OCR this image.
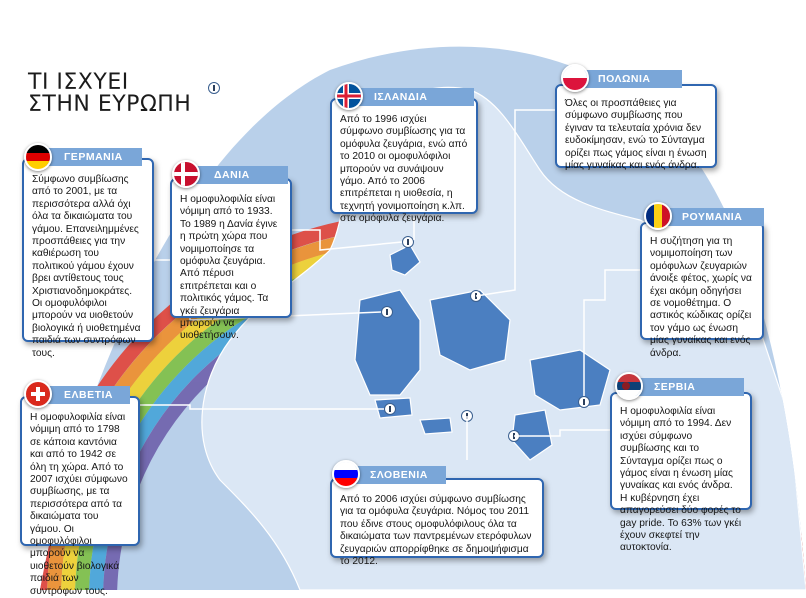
ΤΙ ΙΣΧΥΕΙ
ΣΤΗΝ ΕΥΡΩΠΗ

Σύμφωνο συμβίωσης από το 2001, με τα περισσότερα αλλά όχι όλα τα δικαιώματα του γάμου. Επανειλημμένες προσπάθειες για την καθιέρωση του πολιτικού γάμου έχουν βρει αντίθετους τους Χριστιανοδημοκράτες. Οι ομοφυλόφιλοι μπορούν να υιοθετούν βιολογικά ή υιοθετημένα παιδιά των συντρόφων τους.

ΓΕΡΜΑΝΙΑ

Η ομοφυλοφιλία είναι νόμιμη από το 1933. Το 1989 η Δανία έγινε η πρώτη χώρα που νομιμοποίησε τα ομόφυλα ζευγάρια. Από πέρυσι επιτρέπεται και ο πολιτικός γάμος. Τα γκέι ζευγάρια μπορούν να υιοθετήσουν.

ΔΑΝΙΑ

Από το 1996 ισχύει σύμφωνο συμβίωσης για τα ομόφυλα ζευγάρια, ενώ από το 2010 οι ομοφυλόφιλοι μπορούν να συνάψουν γάμο. Από το 2006 επιτρέπεται η υιοθεσία, η τεχνητή γονιμοποίηση κ.λπ. στα ομόφυλα ζευγάρια.

ΙΣΛΑΝΔΙΑ

Όλες οι προσπάθειες για σύμφωνο συμβίωσης που έγιναν τα τελευταία χρόνια δεν ευδοκίμησαν, ενώ το Σύνταγμα ορίζει πως γάμος είναι η ένωση μίας γυναίκας και ενός άνδρα.

ΠΟΛΩΝΙΑ

Η συζήτηση για τη νομιμοποίηση των ομόφυλων ζευγαριών άνοιξε φέτος, χωρίς να έχει ακόμη οδηγήσει σε νομοθέτημα. Ο αστικός κώδικας ορίζει τον γάμο ως ένωση μίας γυναίκας και ενός άνδρα.

ΡΟΥΜΑΝΙΑ

Η ομοφυλοφιλία είναι νόμιμη από το 1798 σε κάποια καντόνια και από το 1942 σε όλη τη χώρα. Από το 2007 ισχύει σύμφωνο συμβίωσης, με τα περισσότερα από τα δικαιώματα του γάμου. Οι ομοφυλόφιλοι μπορούν να υιοθετούν βιολογικά παιδιά των συντρόφων τους.

ΕΛΒΕΤΙΑ

Από το 2006 ισχύει σύμφωνο συμβίωσης για τα ομόφυλα ζευγάρια. Νόμος του 2011 που έδινε στους ομοφυλόφιλους όλα τα δικαιώματα των παντρεμένων ετερόφυλων ζευγαριών απορρίφθηκε σε δημοψήφισμα το 2012.

ΣΛΟΒΕΝΙΑ

Η ομοφυλοφιλία είναι νόμιμη από το 1994. Δεν ισχύει σύμφωνο συμβίωσης και το Σύνταγμα ορίζει πως ο γάμος είναι η ένωση μίας γυναίκας και ενός άνδρα. Η κυβέρνηση έχει απαγορεύσει δύο φορές το gay pride. Το 63% των γκέι έχουν σκεφτεί την αυτοκτονία.

ΣΕΡΒΙΑ
